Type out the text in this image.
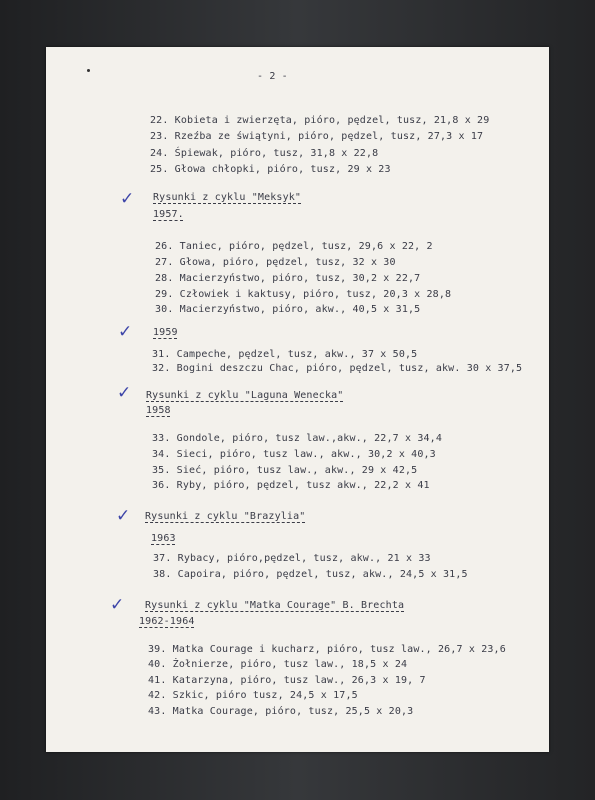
- 2 -
22. Kobieta i zwierzęta, pióro, pędzel, tusz, 21,8 x 29
23. Rzeźba ze świątyni, pióro, pędzel, tusz, 27,3 x 17
24. Śpiewak, pióro, tusz, 31,8 x 22,8
25. Głowa chłopki, pióro, tusz, 29 x 23
✓ Rysunki z cyklu "Meksyk"
1957.
26. Taniec, pióro, pędzel, tusz, 29,6 x 22, 2
27. Głowa, pióro, pędzel, tusz, 32 x 30
28. Macierzyństwo, pióro, tusz, 30,2 x 22,7
29. Człowiek i kaktusy, pióro, tusz, 20,3 x 28,8
30. Macierzyństwo, pióro, akw., 40,5 x 31,5
✓ 1959
31. Campeche, pędzel, tusz, akw., 37 x 50,5
32. Bogini deszczu Chac, pióro, pędzel, tusz, akw. 30 x 37,5
✓ Rysunki z cyklu "Laguna Wenecka"
1958
33. Gondole, pióro, tusz law.,akw., 22,7 x 34,4
34. Sieci, pióro, tusz law., akw., 30,2 x 40,3
35. Sieć, pióro, tusz law., akw., 29 x 42,5
36. Ryby, pióro, pędzel, tusz akw., 22,2 x 41
✓ Rysunki z cyklu "Brazylia"
1963
37. Rybacy, pióro,pędzel, tusz, akw., 21 x 33
38. Capoira, pióro, pędzel, tusz, akw., 24,5 x 31,5
✓ Rysunki z cyklu "Matka Courage" B. Brechta
1962-1964
39. Matka Courage i kucharz, pióro, tusz law., 26,7 x 23,6
40. Żołnierze, pióro, tusz law., 18,5 x 24
41. Katarzyna, pióro, tusz law., 26,3 x 19, 7
42. Szkic, pióro tusz, 24,5 x 17,5
43. Matka Courage, pióro, tusz, 25,5 x 20,3
